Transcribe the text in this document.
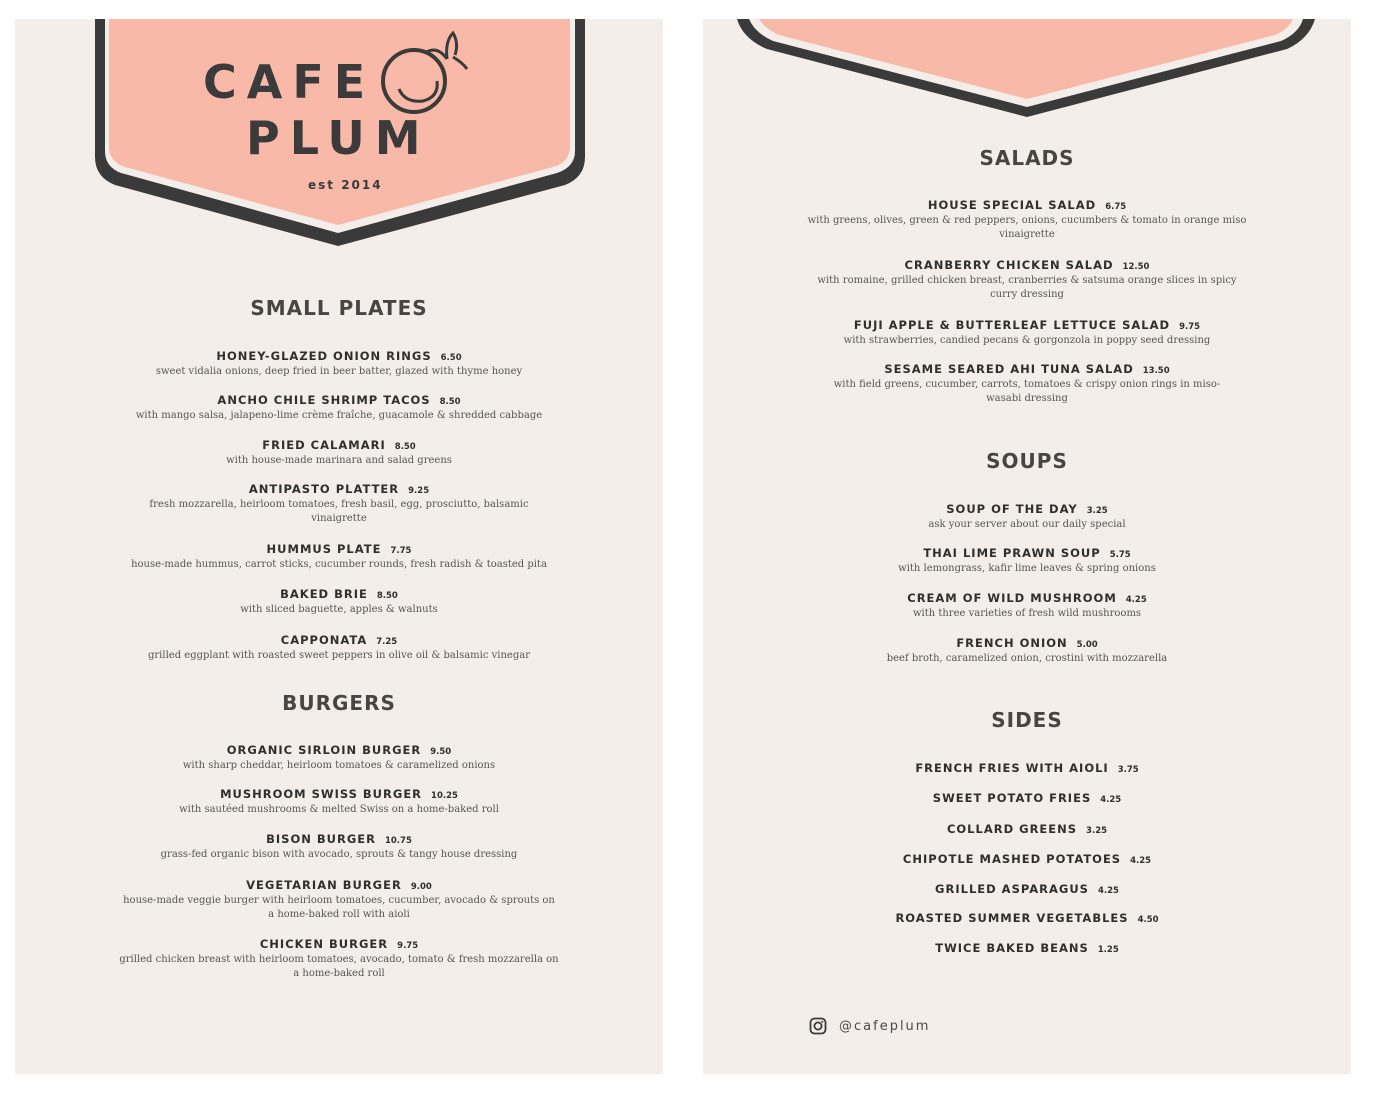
CAFE
PLUM
est 2014
SMALL PLATES
HONEY-GLAZED ONION RINGS 6.50
sweet vidalia onions, deep fried in beer batter, glazed with thyme honey
ANCHO CHILE SHRIMP TACOS 8.50
with mango salsa, jalapeno-lime crème fraîche, guacamole & shredded cabbage
FRIED CALAMARI 8.50
with house-made marinara and salad greens
ANTIPASTO PLATTER 9.25
fresh mozzarella, heirloom tomatoes, fresh basil, egg, prosciutto, balsamic vinaigrette
HUMMUS PLATE 7.75
house-made hummus, carrot sticks, cucumber rounds, fresh radish & toasted pita
BAKED BRIE 8.50
with sliced baguette, apples & walnuts
CAPPONATA 7.25
grilled eggplant with roasted sweet peppers in olive oil & balsamic vinegar
BURGERS
ORGANIC SIRLOIN BURGER 9.50
with sharp cheddar, heirloom tomatoes & caramelized onions
MUSHROOM SWISS BURGER 10.25
with sautéed mushrooms & melted Swiss on a home-baked roll
BISON BURGER 10.75
grass-fed organic bison with avocado, sprouts & tangy house dressing
VEGETARIAN BURGER 9.00
house-made veggie burger with heirloom tomatoes, cucumber, avocado & sprouts on a home-baked roll with aioli
CHICKEN BURGER 9.75
grilled chicken breast with heirloom tomatoes, avocado, tomato & fresh mozzarella on a home-baked roll
SALADS
HOUSE SPECIAL SALAD 6.75
with greens, olives, green & red peppers, onions, cucumbers & tomato in orange miso vinaigrette
CRANBERRY CHICKEN SALAD 12.50
with romaine, grilled chicken breast, cranberries & satsuma orange slices in spicy curry dressing
FUJI APPLE & BUTTERLEAF LETTUCE SALAD 9.75
with strawberries, candied pecans & gorgonzola in poppy seed dressing
SESAME SEARED AHI TUNA SALAD 13.50
with field greens, cucumber, carrots, tomatoes & crispy onion rings in miso-wasabi dressing
SOUPS
SOUP OF THE DAY 3.25
ask your server about our daily special
THAI LIME PRAWN SOUP 5.75
with lemongrass, kafir lime leaves & spring onions
CREAM OF WILD MUSHROOM 4.25
with three varieties of fresh wild mushrooms
FRENCH ONION 5.00
beef broth, caramelized onion, crostini with mozzarella
SIDES
FRENCH FRIES WITH AIOLI 3.75
SWEET POTATO FRIES 4.25
COLLARD GREENS 3.25
CHIPOTLE MASHED POTATOES 4.25
GRILLED ASPARAGUS 4.25
ROASTED SUMMER VEGETABLES 4.50
TWICE BAKED BEANS 1.25
@cafeplum
